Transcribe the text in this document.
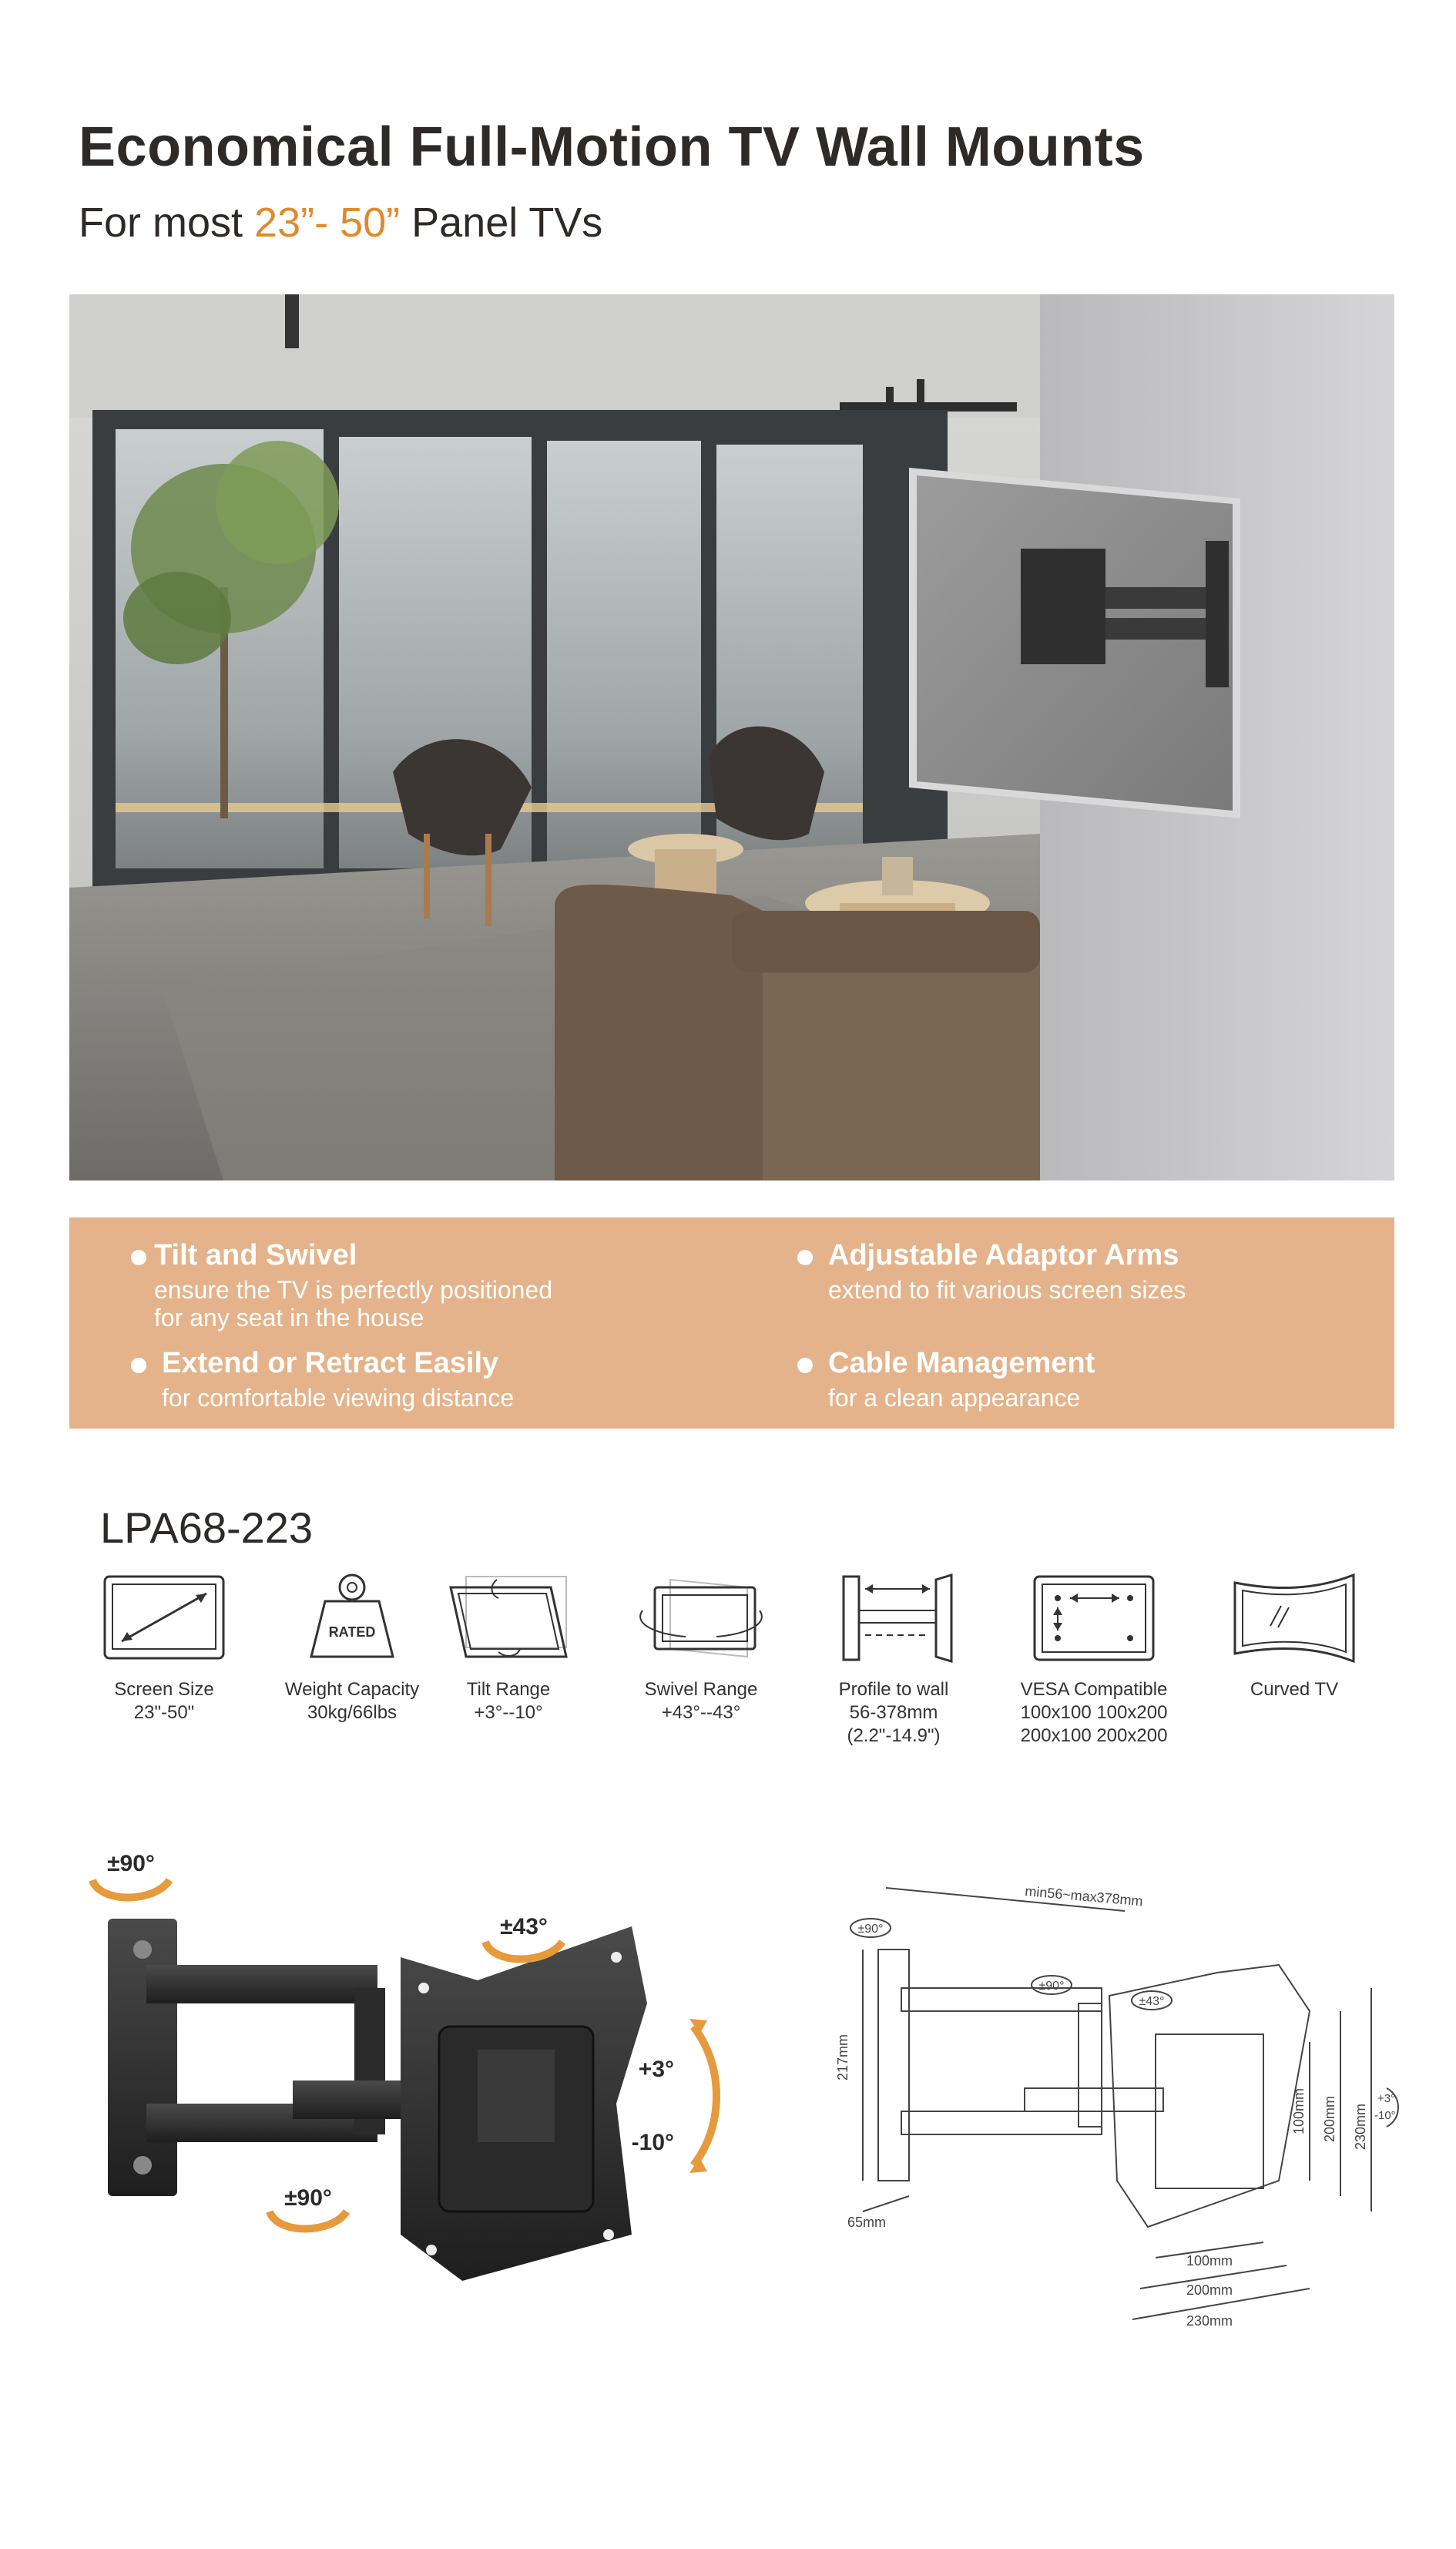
Economical Full-Motion TV Wall Mounts
For most 23”- 50” Panel TVs
Tilt and Swivel
ensure the TV is perfectly positioned
for any seat in the house
Adjustable Adaptor Arms
extend to fit various screen sizes
Extend or Retract Easily
for comfortable viewing distance
Cable Management
for a clean appearance
LPA68-223
Screen Size
23"-50"
RATED
Weight Capacity
30kg/66lbs
Tilt Range
+3°--10°
Swivel Range
+43°--43°
Profile to wall
56-378mm
(2.2"-14.9")
VESA Compatible
100x100 100x200
200x100 200x200
Curved TV
±90°
±43°
±90°
+3°
-10°
min56~max378mm
±90°
±90°
±43°
217mm
65mm
100mm
200mm
230mm
100mm 200mm 230mm
+3°
-10°
